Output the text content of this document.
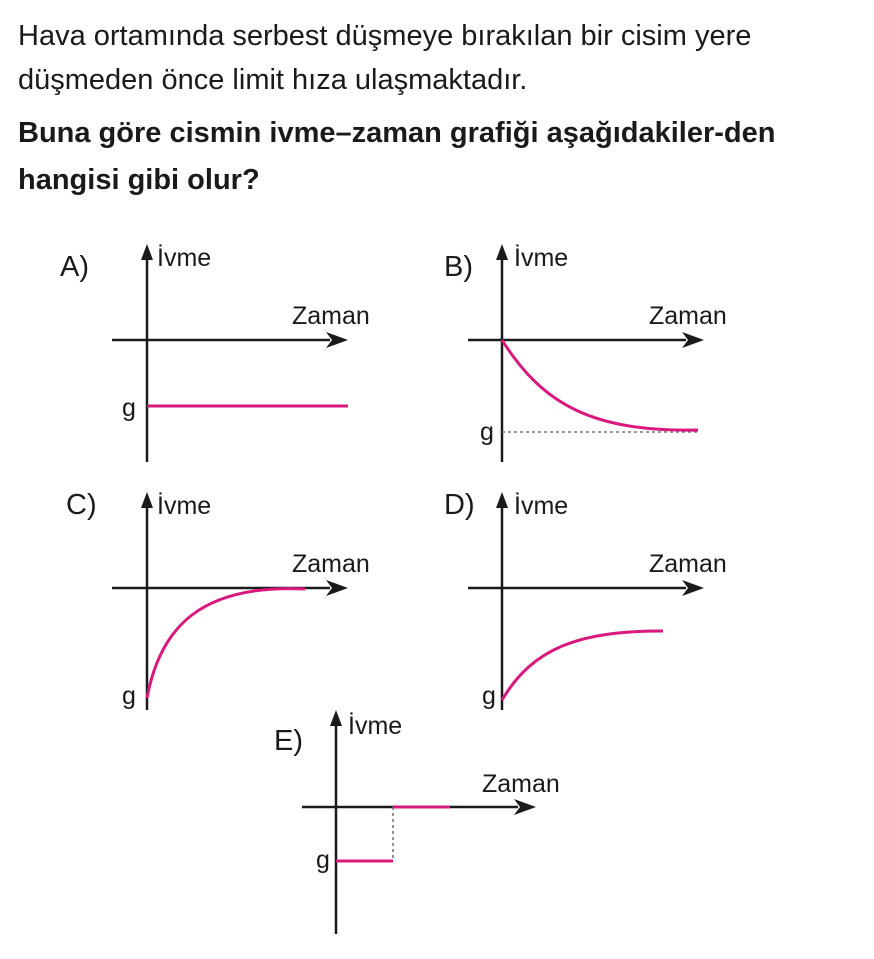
Hava ortamında serbest düşmeye bırakılan bir cisim yere düşmeden önce limit hıza ulaşmaktadır.

Buna göre cismin ivme–zaman grafiği aşağıdakiler-den hangisi gibi olur?

A)	İvme
Zaman
g
B) İvme
Zaman
g
C) İvme
Zaman
g
D) İvme
Zaman
g
E) İvme
Zaman
g
